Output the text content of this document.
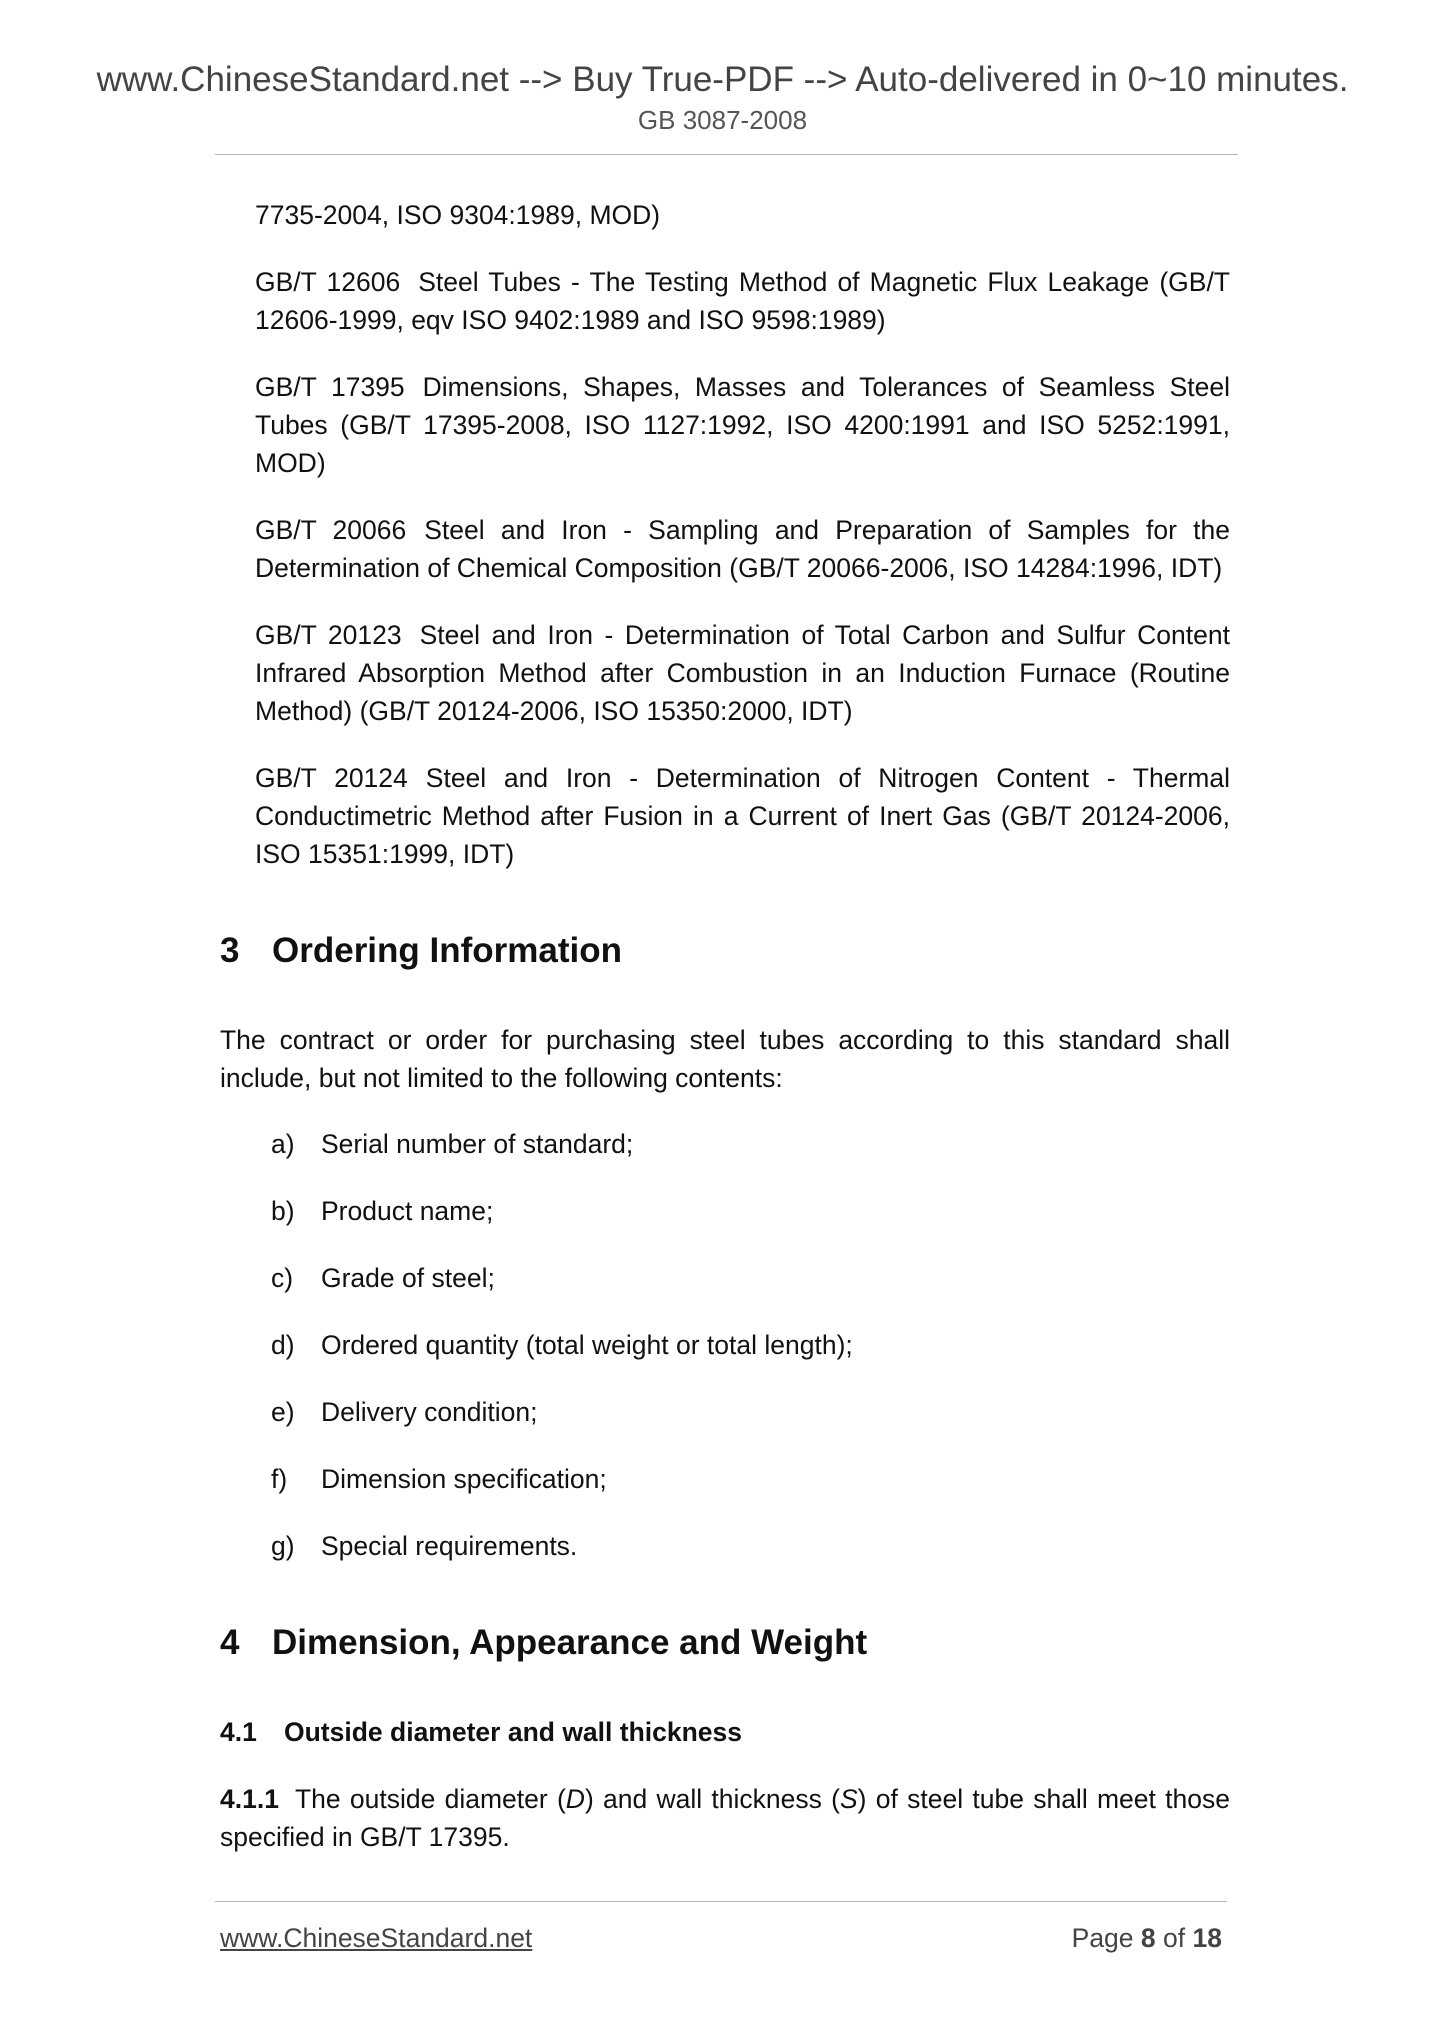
www.ChineseStandard.net --> Buy True-PDF --> Auto-delivered in 0~10 minutes.
GB 3087-2008

7735-2004, ISO 9304:1989, MOD)

GB/T 12606 Steel Tubes - The Testing Method of Magnetic Flux Leakage (GB/T 12606-1999, eqv ISO 9402:1989 and ISO 9598:1989)

GB/T 17395 Dimensions, Shapes, Masses and Tolerances of Seamless Steel Tubes (GB/T 17395-2008, ISO 1127:1992, ISO 4200:1991 and ISO 5252:1991, MOD)

GB/T 20066 Steel and Iron - Sampling and Preparation of Samples for the Determination of Chemical Composition (GB/T 20066-2006, ISO 14284:1996, IDT)

GB/T 20123 Steel and Iron - Determination of Total Carbon and Sulfur Content Infrared Absorption Method after Combustion in an Induction Furnace (Routine Method) (GB/T 20124-2006, ISO 15350:2000, IDT)

GB/T 20124 Steel and Iron - Determination of Nitrogen Content - Thermal Conductimetric Method after Fusion in a Current of Inert Gas (GB/T 20124-2006, ISO 15351:1999, IDT)

3 Ordering Information

The contract or order for purchasing steel tubes according to this standard shall include, but not limited to the following contents:

a) Serial number of standard;
b) Product name;
c) Grade of steel;
d) Ordered quantity (total weight or total length);
e) Delivery condition;
f) Dimension specification;
g) Special requirements.
4 Dimension, Appearance and Weight
4.1 Outside diameter and wall thickness

4.1.1 The outside diameter (D) and wall thickness (S) of steel tube shall meet those specified in GB/T 17395.

www.ChineseStandard.net	Page 8 of 18
